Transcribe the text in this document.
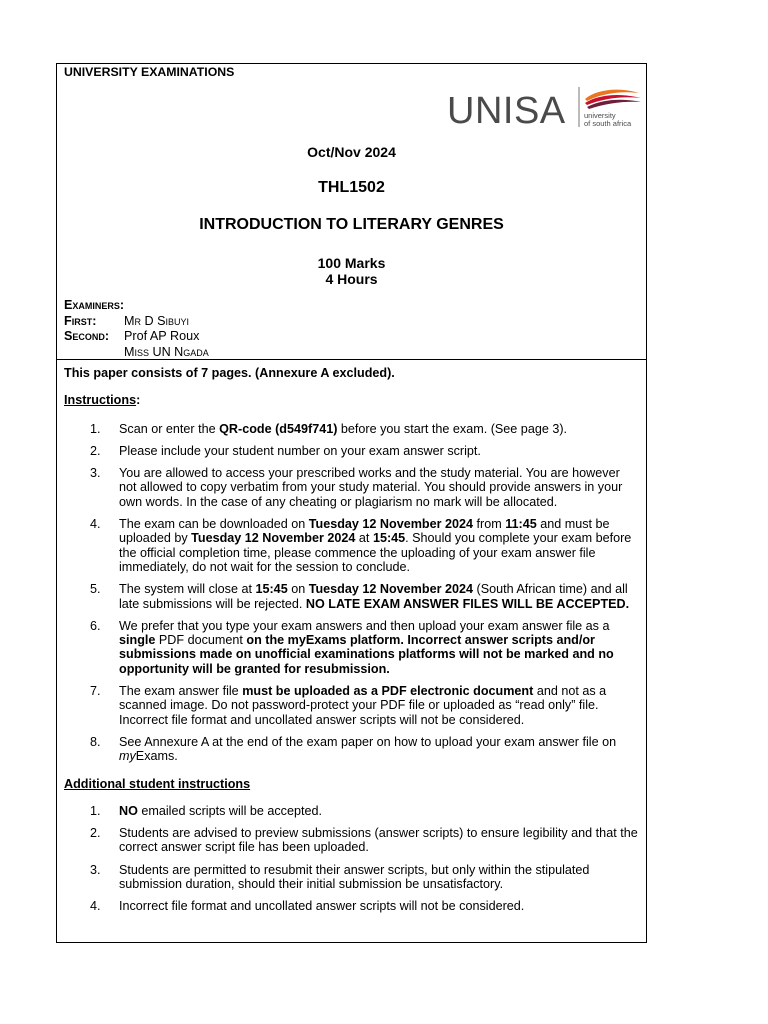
UNIVERSITY EXAMINATIONS
UNISA university
of south africa
Oct/Nov 2024
THL1502
INTRODUCTION TO LITERARY GENRES
100 Marks
4 Hours
Examiners:
First: Mr D Sibuyi
Second: Prof AP Roux
Miss UN Ngada
This paper consists of 7 pages. (Annexure A excluded).
Instructions:
1. Scan or enter the QR-code (d549f741) before you start the exam. (See page 3).
2. Please include your student number on your exam answer script.
3. You are allowed to access your prescribed works and the study material. You are however not allowed to copy verbatim from your study material. You should provide answers in your own words. In the case of any cheating or plagiarism no mark will be allocated.
4. The exam can be downloaded on Tuesday 12 November 2024 from 11:45 and must be uploaded by Tuesday 12 November 2024 at 15:45. Should you complete your exam before the official completion time, please commence the uploading of your exam answer file immediately, do not wait for the session to conclude.
5. The system will close at 15:45 on Tuesday 12 November 2024 (South African time) and all late submissions will be rejected. NO LATE EXAM ANSWER FILES WILL BE ACCEPTED.
6. We prefer that you type your exam answers and then upload your exam answer file as a single PDF document on the myExams platform. Incorrect answer scripts and/or submissions made on unofficial examinations platforms will not be marked and no opportunity will be granted for resubmission.
7. The exam answer file must be uploaded as a PDF electronic document and not as a scanned image. Do not password-protect your PDF file or uploaded as “read only” file. Incorrect file format and uncollated answer scripts will not be considered.
8. See Annexure A at the end of the exam paper on how to upload your exam answer file on myExams.
Additional student instructions
1. NO emailed scripts will be accepted.
2. Students are advised to preview submissions (answer scripts) to ensure legibility and that the correct answer script file has been uploaded.
3. Students are permitted to resubmit their answer scripts, but only within the stipulated submission duration, should their initial submission be unsatisfactory.
4. Incorrect file format and uncollated answer scripts will not be considered.
